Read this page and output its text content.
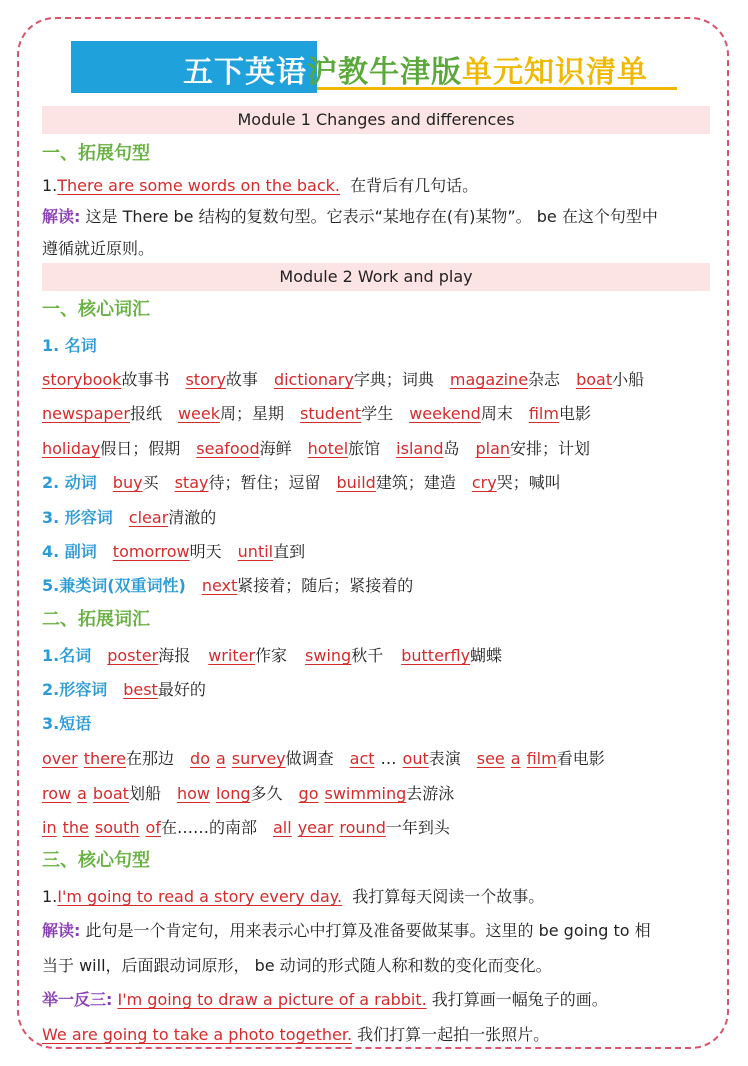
五下英语沪教牛津版单元知识清单
Module 1 Changes and differences
一、拓展句型
1.There are some words on the back. 在背后有几句话。
解读: 这是 There be 结构的复数句型。它表示“某地存在(有)某物”。 be 在这个句型中
遵循就近原则。
Module 2 Work and play
一、核心词汇
1. 名词
storybook故事书 story故事 dictionary字典；词典 magazine杂志 boat小船
newspaper报纸 week周；星期 student学生 weekend周末 film电影
holiday假日；假期 seafood海鲜 hotel旅馆 island岛 plan安排；计划
2. 动词 buy买 stay待；暂住；逗留 build建筑；建造 cry哭；喊叫
3. 形容词 clear清澈的
4. 副词 tomorrow明天 until直到
5.兼类词(双重词性) next紧接着；随后；紧接着的
二、拓展词汇
1.名词 poster海报 writer作家 swing秋千 butterfly蝴蝶
2.形容词 best最好的
3.短语
over there在那边 do a survey做调查 act … out表演 see a film看电影
row a boat划船 how long多久 go swimming去游泳
in the south of在……的南部 all year round一年到头
三、核心句型
1.I'm going to read a story every day. 我打算每天阅读一个故事。
解读: 此句是一个肯定句，用来表示心中打算及准备要做某事。这里的 be going to 相
当于 will，后面跟动词原形， be 动词的形式随人称和数的变化而变化。
举一反三: I'm going to draw a picture of a rabbit. 我打算画一幅兔子的画。
We are going to take a photo together. 我们打算一起拍一张照片。
